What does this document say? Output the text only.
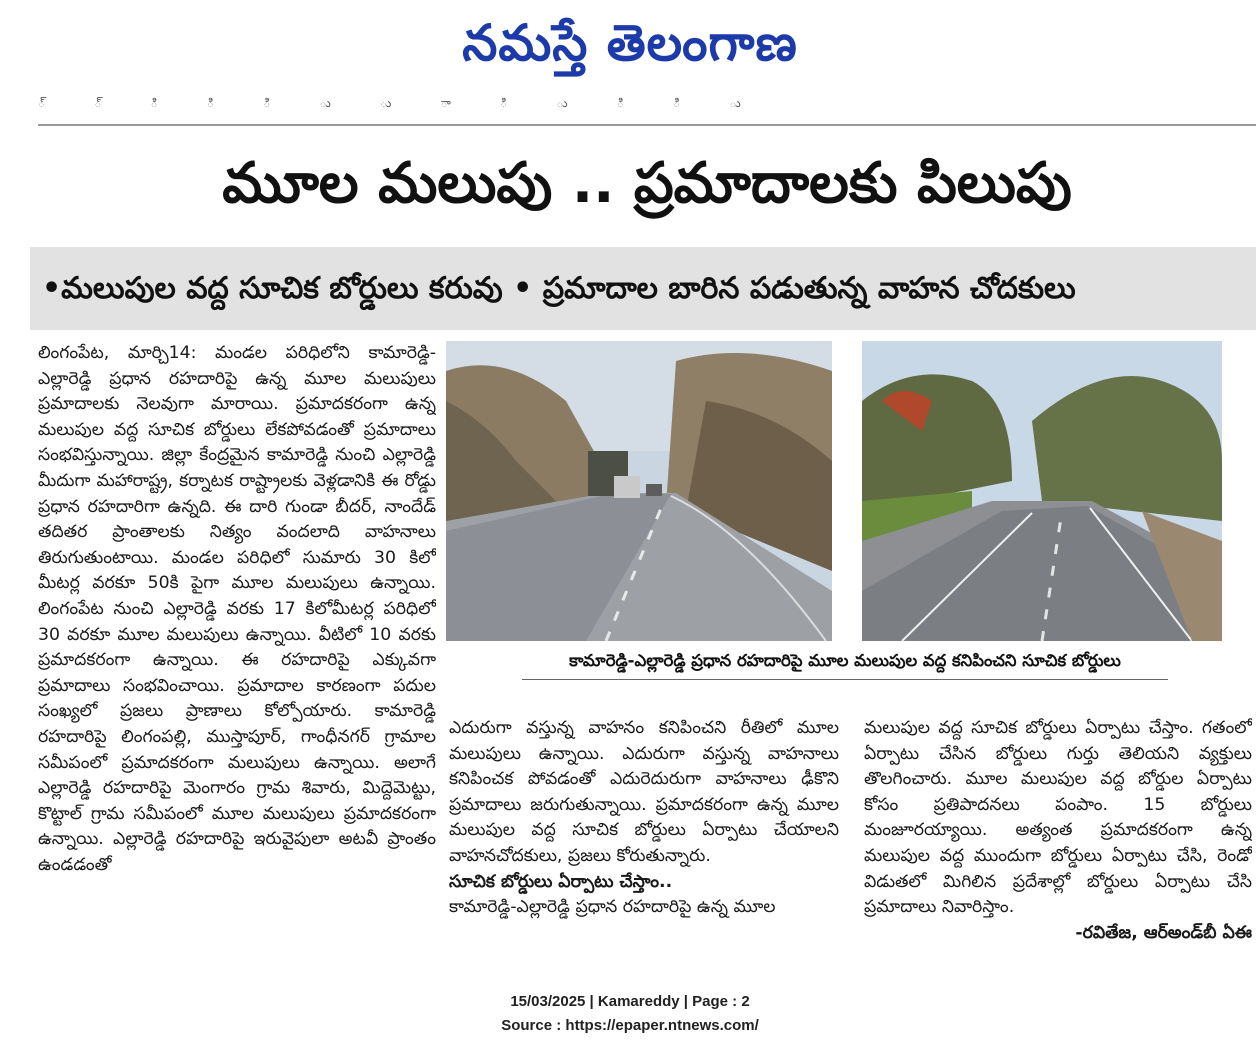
నమస్తే తెలంగాణ
్ ్ ి ి ి ు ు ా ి ు ి ి ు
మూల మలుపు .. ప్రమాదాలకు పిలుపు
•మలుపుల వద్ద సూచిక బోర్డులు కరువు • ప్రమాదాల బారిన పడుతున్న వాహన చోదకులు

లింగంపేట, మార్చి14: మండల పరిధిలోని కామారెడ్డి-ఎల్లారెడ్డి ప్రధాన రహదారిపై ఉన్న మూల మలుపులు ప్రమాదాలకు నెలవుగా మారాయి. ప్రమాదకరంగా ఉన్న మలుపుల వద్ద సూచిక బోర్డులు లేకపోవడంతో ప్రమాదాలు సంభవిస్తున్నాయి. జిల్లా కేంద్రమైన కామారెడ్డి నుంచి ఎల్లారెడ్డి మీదుగా మహారాష్ట్ర, కర్నాటక రాష్ట్రాలకు వెళ్లడానికి ఈ రోడ్డు ప్రధాన రహదారిగా ఉన్నది. ఈ దారి గుండా బీదర్, నాందేడ్ తదితర ప్రాంతాలకు నిత్యం వందలాది వాహనాలు తిరుగుతుంటాయి. మండల పరిధిలో సుమారు 30 కిలో మీటర్ల వరకూ 50కి పైగా మూల మలుపులు ఉన్నాయి. లింగంపేట నుంచి ఎల్లారెడ్డి వరకు 17 కిలోమీటర్ల పరిధిలో 30 వరకూ మూల మలుపులు ఉన్నాయి. వీటిలో 10 వరకు ప్రమాదకరంగా ఉన్నాయి. ఈ రహదారిపై ఎక్కువగా ప్రమాదాలు సంభవించాయి. ప్రమాదాల కారణంగా పదుల సంఖ్యలో ప్రజలు ప్రాణాలు కోల్పోయారు. కామారెడ్డి రహదారిపై లింగంపల్లి, ముస్తాపూర్, గాంధీనగర్ గ్రామాల సమీపంలో ప్రమాదకరంగా మలుపులు ఉన్నాయి. అలాగే ఎల్లారెడ్డి రహదారిపై మెంగారం గ్రామ శివారు, మిద్దెమెట్టు, కొట్టాల్ గ్రామ సమీపంలో మూల మలుపులు ప్రమాదకరంగా ఉన్నాయి. ఎల్లారెడ్డి రహదారిపై ఇరువైపులా అటవీ ప్రాంతం ఉండడంతో

కామారెడ్డి-ఎల్లారెడ్డి ప్రధాన రహదారిపై మూల మలుపుల వద్ద కనిపించని సూచిక బోర్డులు

ఎదురుగా వస్తున్న వాహనం కనిపించని రీతిలో మూల మలుపులు ఉన్నాయి. ఎదురుగా వస్తున్న వాహనాలు కనిపించక పోవడంతో ఎదురెదురుగా వాహనాలు ఢీకొని ప్రమాదాలు జరుగుతున్నాయి. ప్రమాదకరంగా ఉన్న మూల మలుపుల వద్ద సూచిక బోర్డులు ఏర్పాటు చేయాలని వాహనచోదకులు, ప్రజలు కోరుతున్నారు.

సూచిక బోర్డులు ఏర్పాటు చేస్తాం..

కామారెడ్డి-ఎల్లారెడ్డి ప్రధాన రహదారిపై ఉన్న మూల

మలుపుల వద్ద సూచిక బోర్డులు ఏర్పాటు చేస్తాం. గతంలో ఏర్పాటు చేసిన బోర్డులు గుర్తు తెలియని వ్యక్తులు తొలగించారు. మూల మలుపుల వద్ద బోర్డుల ఏర్పాటు కోసం ప్రతిపాదనలు పంపాం. 15 బోర్డులు మంజూరయ్యాయి. అత్యంత ప్రమాదకరంగా ఉన్న మలుపుల వద్ద ముందుగా బోర్డులు ఏర్పాటు చేసి, రెండో విడుతలో మిగిలిన ప్రదేశాల్లో బోర్డులు ఏర్పాటు చేసి ప్రమాదాలు నివారిస్తాం.

-రవితేజ, ఆర్అండ్‌బీ ఏఈ

15/03/2025 | Kamareddy | Page : 2
Source : https://epaper.ntnews.com/
